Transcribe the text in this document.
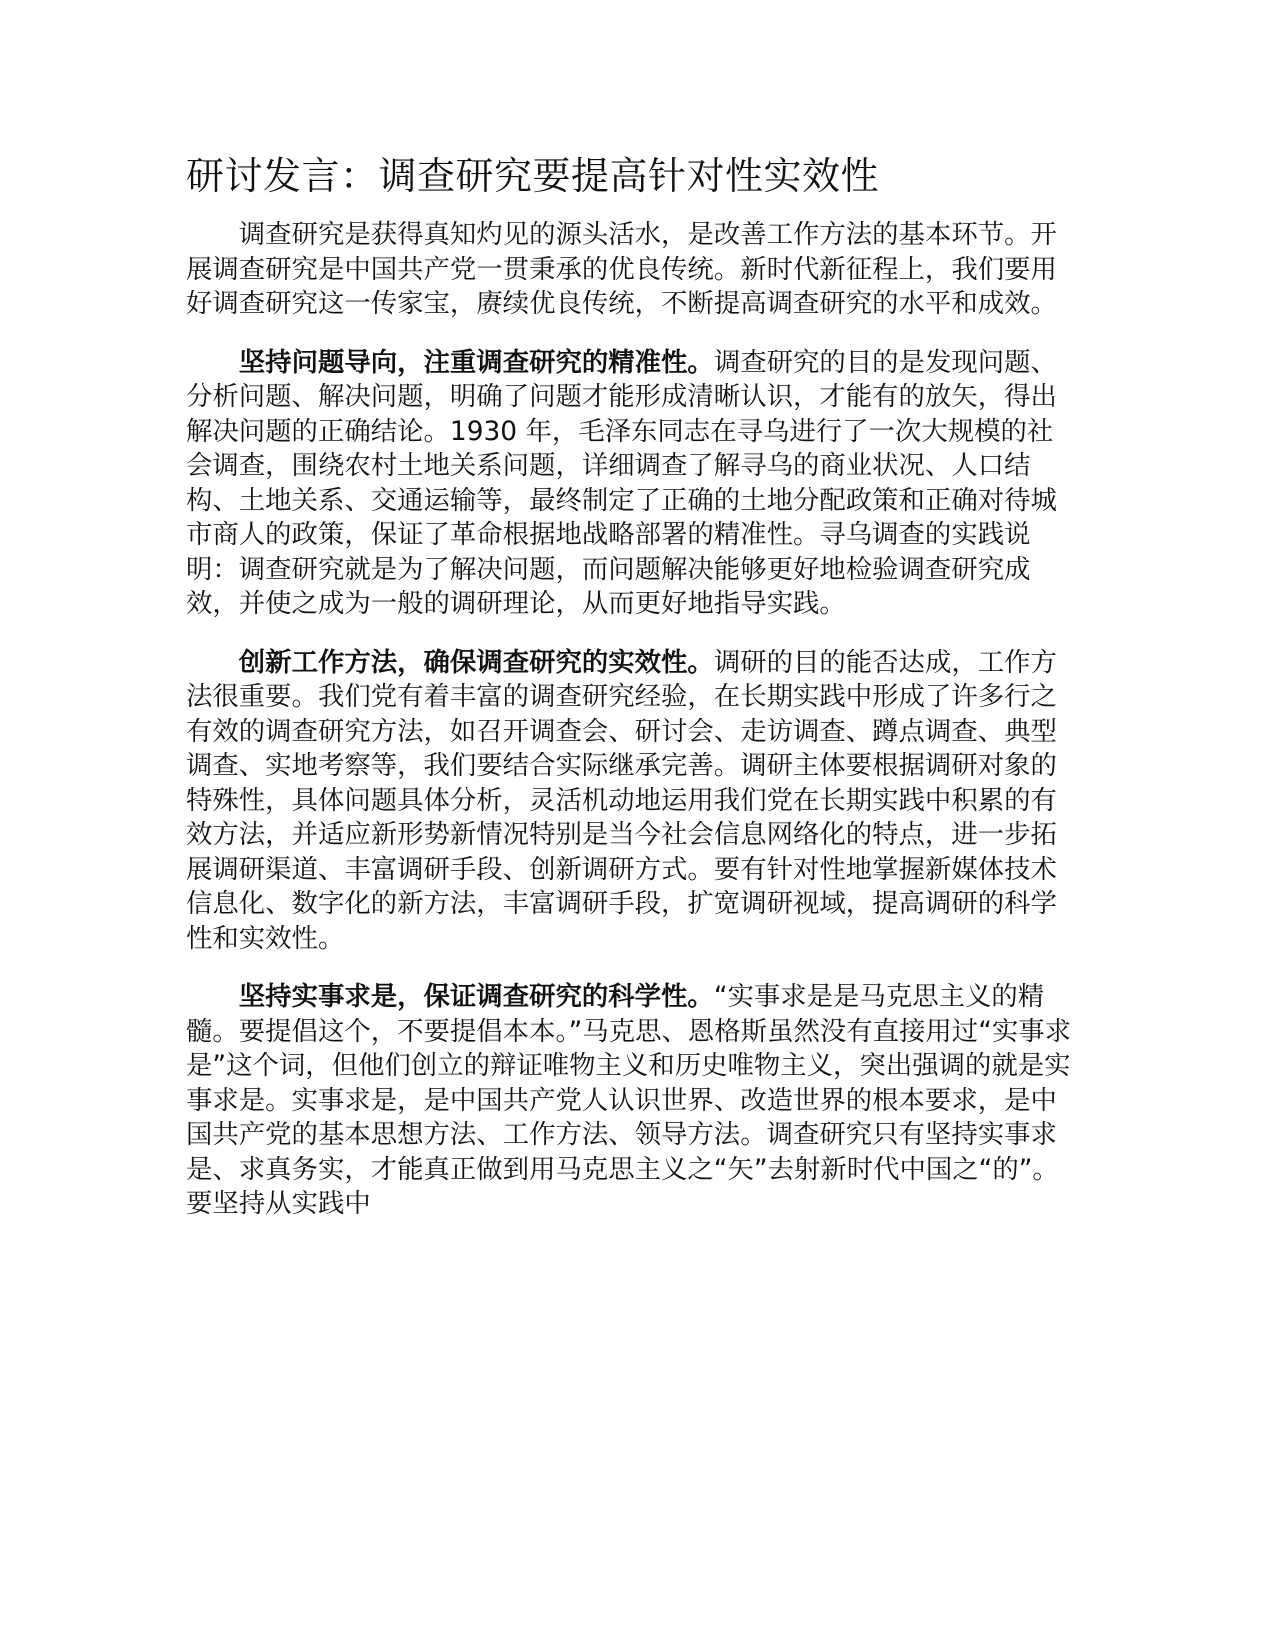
研讨发言：调查研究要提高针对性实效性

调查研究是获得真知灼见的源头活水，是改善工作方法的基本环节。开展调查研究是中国共产党一贯秉承的优良传统。新时代新征程上，我们要用好调查研究这一传家宝，赓续优良传统，不断提高调查研究的水平和成效。

坚持问题导向，注重调查研究的精准性。调查研究的目的是发现问题、分析问题、解决问题，明确了问题才能形成清晰认识，才能有的放矢，得出解决问题的正确结论。1930 年，毛泽东同志在寻乌进行了一次大规模的社会调查，围绕农村土地关系问题，详细调查了解寻乌的商业状况、人口结构、土地关系、交通运输等，最终制定了正确的土地分配政策和正确对待城市商人的政策，保证了革命根据地战略部署的精准性。寻乌调查的实践说明：调查研究就是为了解决问题，而问题解决能够更好地检验调查研究成效，并使之成为一般的调研理论，从而更好地指导实践。

创新工作方法，确保调查研究的实效性。调研的目的能否达成，工作方法很重要。我们党有着丰富的调查研究经验，在长期实践中形成了许多行之有效的调查研究方法，如召开调查会、研讨会、走访调查、蹲点调查、典型调查、实地考察等，我们要结合实际继承完善。调研主体要根据调研对象的特殊性，具体问题具体分析，灵活机动地运用我们党在长期实践中积累的有效方法，并适应新形势新情况特别是当今社会信息网络化的特点，进一步拓展调研渠道、丰富调研手段、创新调研方式。要有针对性地掌握新媒体技术信息化、数字化的新方法，丰富调研手段，扩宽调研视域，提高调研的科学性和实效性。

坚持实事求是，保证调查研究的科学性。“实事求是是马克思主义的精髓。要提倡这个，不要提倡本本。”马克思、恩格斯虽然没有直接用过“实事求是”这个词，但他们创立的辩证唯物主义和历史唯物主义，突出强调的就是实事求是。实事求是，是中国共产党人认识世界、改造世界的根本要求，是中国共产党的基本思想方法、工作方法、领导方法。调查研究只有坚持实事求是、求真务实，才能真正做到用马克思主义之“矢”去射新时代中国之“的”。要坚持从实践中
